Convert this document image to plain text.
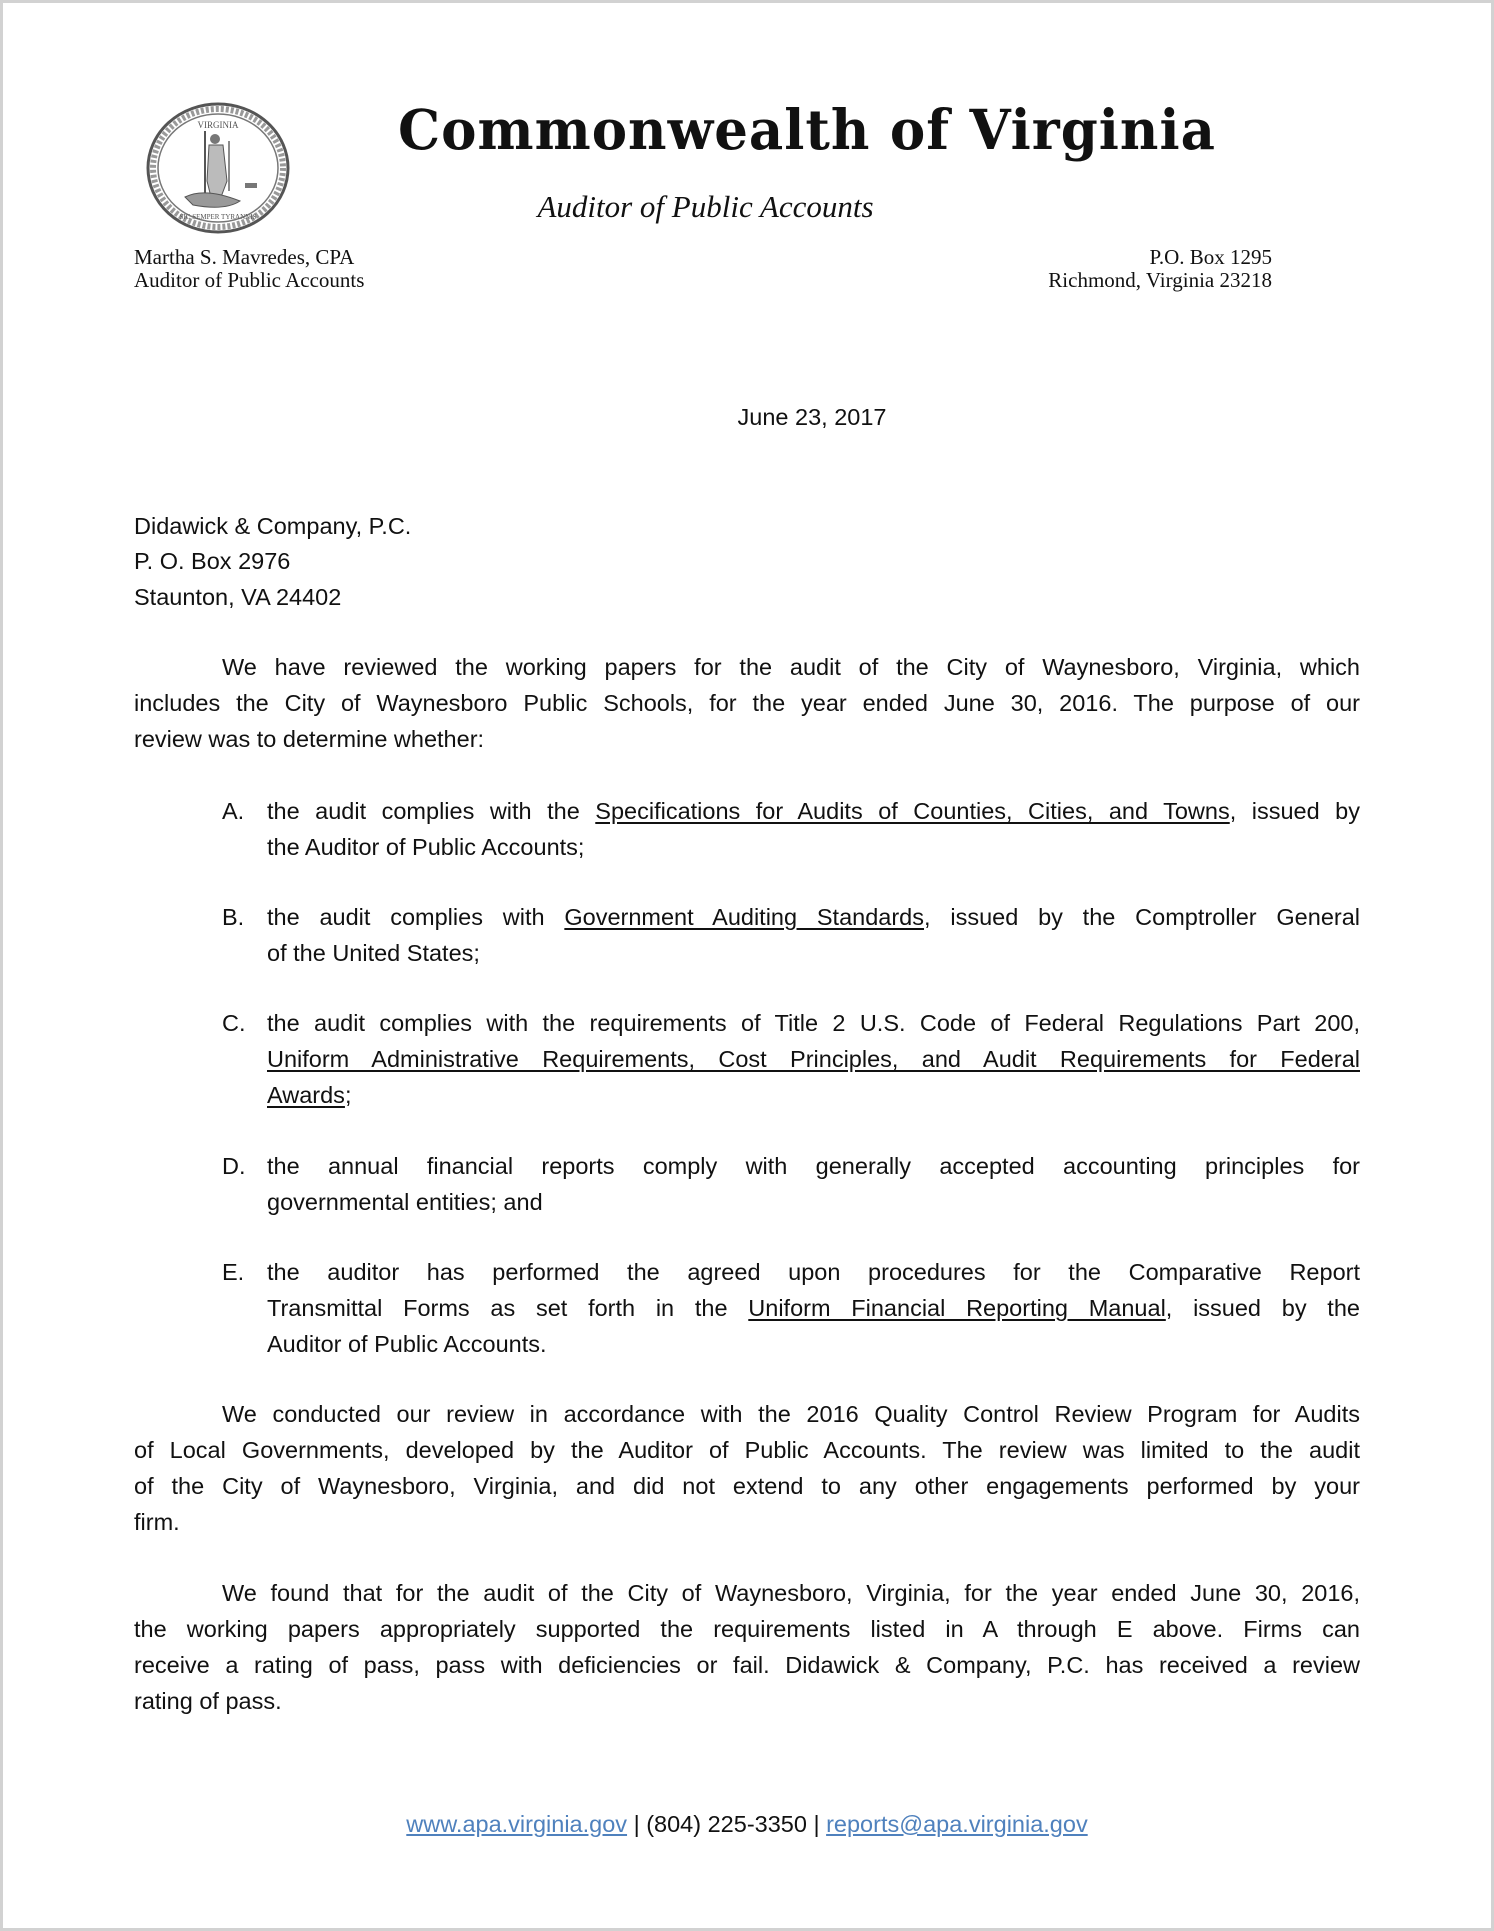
VIRGINIA
SIC SEMPER TYRANNIS
Commonwealth of Virginia
Auditor of Public Accounts
Martha S. Mavredes, CPA
Auditor of Public Accounts
P.O. Box 1295
Richmond, Virginia 23218
June 23, 2017
Didawick & Company, P.C.
P. O. Box 2976
Staunton, VA 24402
We have reviewed the working papers for the audit of the City of Waynesboro, Virginia, which
includes the City of Waynesboro Public Schools, for the year ended June 30, 2016. The purpose of our
review was to determine whether:
A. the audit complies with the Specifications for Audits of Counties, Cities, and Towns, issued by
the Auditor of Public Accounts;
B. the audit complies with Government Auditing Standards, issued by the Comptroller General
of the United States;
C. the audit complies with the requirements of Title 2 U.S. Code of Federal Regulations Part 200,
Uniform Administrative Requirements, Cost Principles, and Audit Requirements for Federal
Awards;
D. the annual financial reports comply with generally accepted accounting principles for
governmental entities; and
E. the auditor has performed the agreed upon procedures for the Comparative Report
Transmittal Forms as set forth in the Uniform Financial Reporting Manual, issued by the
Auditor of Public Accounts.
We conducted our review in accordance with the 2016 Quality Control Review Program for Audits
of Local Governments, developed by the Auditor of Public Accounts. The review was limited to the audit
of the City of Waynesboro, Virginia, and did not extend to any other engagements performed by your
firm.
We found that for the audit of the City of Waynesboro, Virginia, for the year ended June 30, 2016,
the working papers appropriately supported the requirements listed in A through E above. Firms can
receive a rating of pass, pass with deficiencies or fail. Didawick & Company, P.C. has received a review
rating of pass.
www.apa.virginia.gov | (804) 225-3350 | reports@apa.virginia.gov
